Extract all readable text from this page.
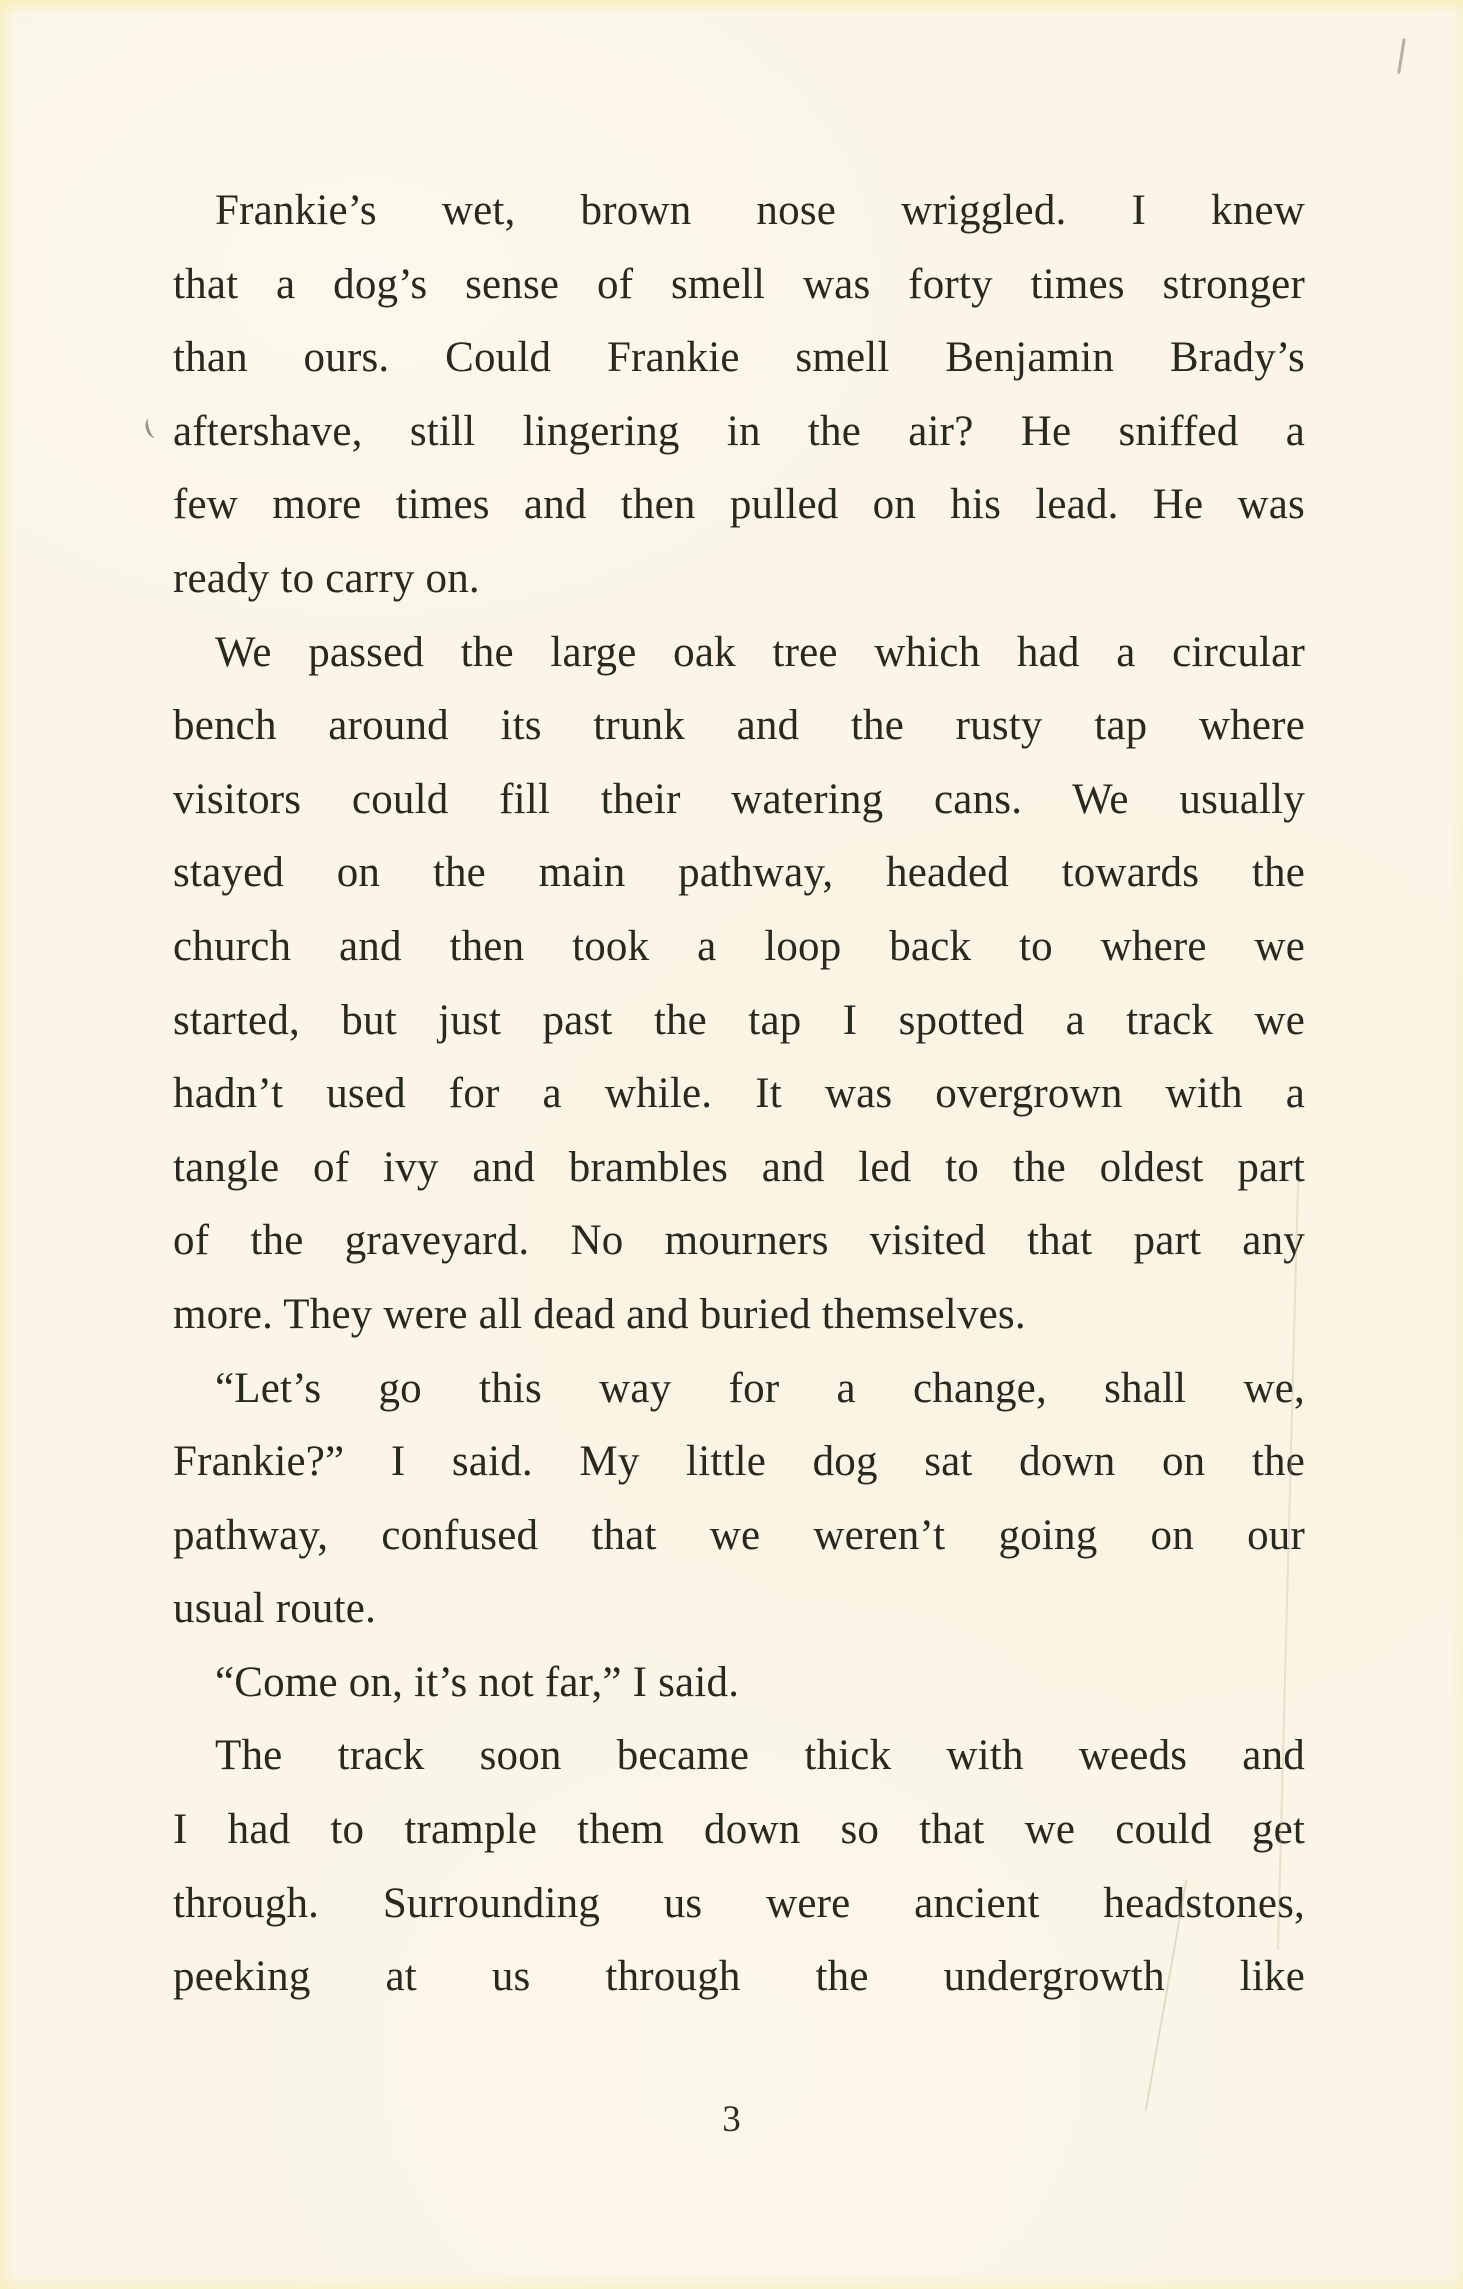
Frankie’s wet, brown nose wriggled. I knew
that a dog’s sense of smell was forty times stronger
than ours. Could Frankie smell Benjamin Brady’s
aftershave, still lingering in the air? He sniffed a
few more times and then pulled on his lead. He was
ready to carry on.
We passed the large oak tree which had a circular
bench around its trunk and the rusty tap where
visitors could fill their watering cans. We usually
stayed on the main pathway, headed towards the
church and then took a loop back to where we
started, but just past the tap I spotted a track we
hadn’t used for a while. It was overgrown with a
tangle of ivy and brambles and led to the oldest part
of the graveyard. No mourners visited that part any
more. They were all dead and buried themselves.
“Let’s go this way for a change, shall we,
Frankie?” I said. My little dog sat down on the
pathway, confused that we weren’t going on our
usual route.
“Come on, it’s not far,” I said.
The track soon became thick with weeds and
I had to trample them down so that we could get
through. Surrounding us were ancient headstones,
peeking at us through the undergrowth like
3
